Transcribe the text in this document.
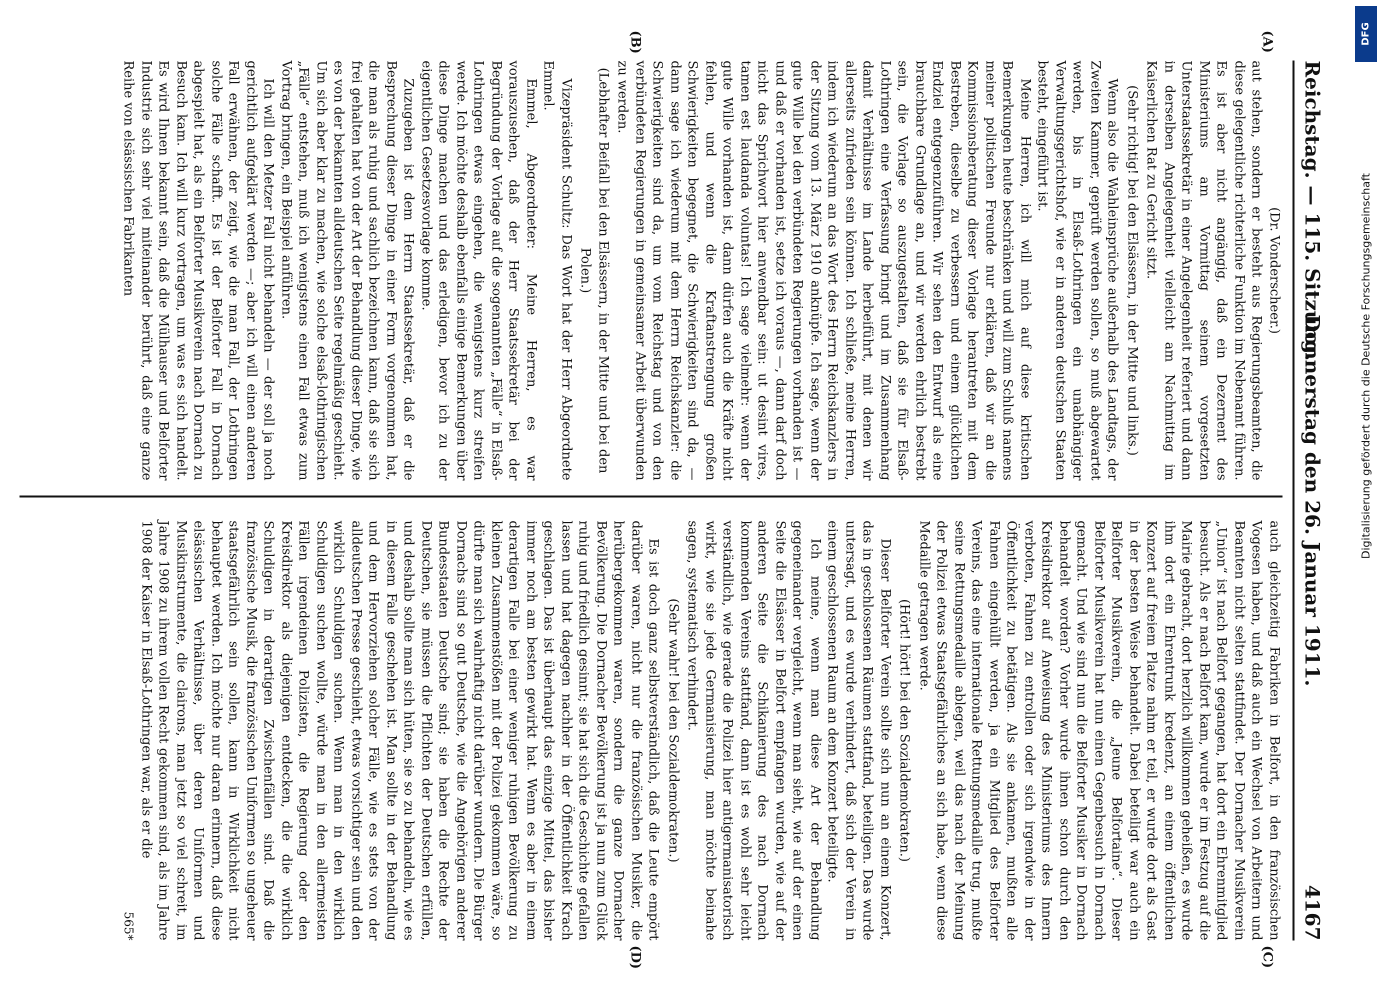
Reichstag. — 115. Sitzung.
Donnerstag den 26. Januar 1911.
4167
(A)
(B)
(C)
(D)
(Dr. Vonderscheer.)

aut stehen, sondern er besteht aus Regierungsbeamten, die diese gelegentliche richterliche Funktion im Nebenamt führen. Es ist aber nicht angängig, daß ein Dezernent des Ministeriums am Vormittag seinem vorgesetzten Unterstaatssekretär in einer Angelegenheit referiert und dann in derselben Angelegenheit vielleicht am Nachmittag im Kaiserlichen Rat zu Gericht sitzt.

(Sehr richtig! bei den Elsässern, in der Mitte und links.)

Wenn also die Wahleinsprüche außerhalb des Landtags, der Zweiten Kammer, geprüft werden sollen, so muß abgewartet werden, bis in Elsaß-Lothringen ein unabhängiger Verwaltungsgerichtshof, wie er in anderen deutschen Staaten besteht, eingeführt ist.

Meine Herren, ich will mich auf diese kritischen Bemerkungen heute beschränken und will zum Schluß namens meiner politischen Freunde nur erklären, daß wir an die Kommissionsberatung dieser Vorlage herantreten mit dem Bestreben, dieselbe zu verbessern und einem glücklichen Endziel entgegenzuführen. Wir sehen den Entwurf als eine brauchbare Grundlage an, und wir werden ehrlich bestrebt sein, die Vorlage so auszugestalten, daß sie für Elsaß-Lothringen eine Verfassung bringt und im Zusammenhang damit Verhältnisse im Lande herbeiführt, mit denen wir allerseits zufrieden sein können. Ich schließe, meine Herren, indem ich wiederum an das Wort des Herrn Reichskanzlers in der Sitzung vom 13. März 1910 anknüpfe. Ich sage, wenn der gute Wille bei den verbündeten Regierungen vorhanden ist — und daß er vorhanden ist, setze ich voraus —, dann darf doch nicht das Sprichwort hier anwendbar sein: ut desint vires, tamen est laudanda voluntas! Ich sage vielmehr: wenn der gute Wille vorhanden ist, dann dürfen auch die Kräfte nicht fehlen, und wenn die Kraftanstrengung großen Schwierigkeiten begegnet, die Schwierigkeiten sind da, — dann sage ich wiederum mit dem Herrn Reichskanzler: die Schwierigkeiten sind da, um vom Reichstag und von den verbündeten Regierungen in gemeinsamer Arbeit überwunden zu werden.

(Lebhafter Beifall bei den Elsässern, in der Mitte und bei den Polen.)

Vizepräsident Schultz: Das Wort hat der Herr Abgeordnete Emmel.

Emmel, Abgeordneter: Meine Herren, es war vorauszusehen, daß der Herr Staatssekretär bei der Begründung der Vorlage auf die sogenannten „Fälle“ in Elsaß-Lothringen etwas eingehen, die wenigstens kurz streifen werde. Ich möchte deshalb ebenfalls einige Bemerkungen über diese Dinge machen und das erledigen, bevor ich zu der eigentlichen Gesetzesvorlage komme.

Zuzugeben ist dem Herrn Staatssekretär, daß er die Besprechung dieser Dinge in einer Form vorgenommen hat, die man als ruhig und sachlich bezeichnen kann, daß sie sich frei gehalten hat von der Art der Behandlung dieser Dinge, wie es von der bekannten alldeutschen Seite regelmäßig geschieht. Um sich aber klar zu machen, wie solche elsaß-lothringischen „Fälle“ entstehen, muß ich wenigstens einen Fall etwas zum Vortrag bringen, ein Beispiel anführen.

Ich will den Metzer Fall nicht behandeln — der soll ja noch gerichtlich aufgeklärt werden —; aber ich will einen anderen Fall erwähnen, der zeigt, wie die man Fall, der Lothringen solche Fälle schafft. Es ist der Belforter Fall in Dornach abgespielt hat, als ein Belforter Musikverein nach Dornach zu Besuch kam. Ich will kurz vortragen, um was es sich handelt. Es wird Ihnen bekannt sein, daß die Mülhauser und Belforter Industrie sich sehr viel miteinander berührt, daß eine ganze Reihe von elsässischen Fabrikanten

auch gleichzeitig Fabriken in Belfort, in den französischen Vogesen haben, und daß auch ein Wechsel von Arbeitern und Beamten nicht selten stattfindet. Der Dornacher Musikverein „Union“ ist nach Belfort gegangen, hat dort ein Ehrenmitglied besucht. Als er nach Belfort kam, wurde er im Festzug auf die Mairie gebracht, dort herzlich willkommen geheißen, es wurde ihm dort ein Ehrentrunk kredenzt, an einem öffentlichen Konzert auf freiem Platze nahm er teil, er wurde dort als Gast in der besten Weise behandelt. Dabei beteiligt war auch ein Belforter Musikverein, die „Jeune Belfortaine“. Dieser Belforter Musikverein hat nun einen Gegenbesuch in Dornach gemacht. Und wie sind nun die Belforter Musiker in Dornach behandelt worden? Vorher wurde ihnen schon durch den Kreisdirektor auf Anweisung des Ministeriums des Innern verboten, Fahnen zu entrollen oder sich irgendwie in der Öffentlichkeit zu betätigen. Als sie ankamen, mußten alle Fahnen eingehüllt werden, ja ein Mitglied des Belforter Vereins, das eine internationale Rettungsmedaille trug, mußte seine Rettungsmedaille ablegen, weil das nach der Meinung der Polizei etwas Staatsgefährliches an sich habe, wenn diese Medaille getragen werde.

(Hört! hört! bei den Sozialdemokraten.)

Dieser Belforter Verein sollte sich nun an einem Konzert, das in geschlossenen Räumen stattfand, beteiligen. Das wurde untersagt, und es wurde verhindert, daß sich der Verein in einem geschlossenen Raum an dem Konzert beteiligte.

Ich meine, wenn man diese Art der Behandlung gegeneinander vergleicht, wenn man sieht, wie auf der einen Seite die Elsässer in Belfort empfangen wurden, wie auf der anderen Seite die Schikanierung des nach Dornach kommenden Vereins stattfand, dann ist es wohl sehr leicht verständlich, wie gerade die Polizei hier antigermanisatorisch wirkt, wie sie jede Germanisierung, man möchte beinahe sagen, systematisch verhindert.

(Sehr wahr! bei den Sozialdemokraten.)

Es ist doch ganz selbstverständlich, daß die Leute empört darüber waren, nicht nur die französischen Musiker, die herübergekommen waren, sondern die ganze Dornacher Bevölkerung. Die Dornacher Bevölkerung ist ja nun zum Glück ruhig und friedlich gesinnt; sie hat sich die Geschichte gefallen lassen und hat dagegen nachher in der Öffentlichkeit Krach geschlagen. Das ist überhaupt das einzige Mittel, das bisher immer noch am besten gewirkt hat. Wenn es aber in einem derartigen Falle bei einer weniger ruhigen Bevölkerung zu kleinen Zusammenstößen mit der Polizei gekommen wäre, so dürfte man sich wahrhaftig nicht darüber wundern. Die Bürger Dornachs sind so gut Deutsche, wie die Angehörigen anderer Bundesstaaten Deutsche sind; sie haben die Rechte der Deutschen, sie müssen die Pflichten der Deutschen erfüllen, und deshalb sollte man sich hüten, sie so zu behandeln, wie es in diesem Falle geschehen ist. Man sollte in der Behandlung und dem Hervorziehen solcher Fälle, wie es stets von der alldeutschen Presse geschieht, etwas vorsichtiger sein und den wirklich Schuldigen suchen. Wenn man in den wirklich Schuldigen suchen wollte, würde man in den allermeisten Fällen irgendeinen Polizisten, die Regierung oder den Kreisdirektor als diejenigen entdecken, die die wirklich Schuldigen in derartigen Zwischenfällen sind. Daß die französische Musik, die französischen Uniformen so ungeheuer staatsgefährlich sein sollen, kann in Wirklichkeit nicht behauptet werden. Ich möchte nur daran erinnern, daß diese elsässischen Verhältnisse, über deren Uniformen und Musikinstrumente, die clairons, man jetzt so viel schreit, im Jahre 1908 zu ihrem vollen Recht gekommen sind, als im Jahre 1908 der Kaiser in Elsaß-Lothringen war, als er die

565*
DFG
Digitalisierung gefördert durch die Deutsche Forschungsgemeinschaft
